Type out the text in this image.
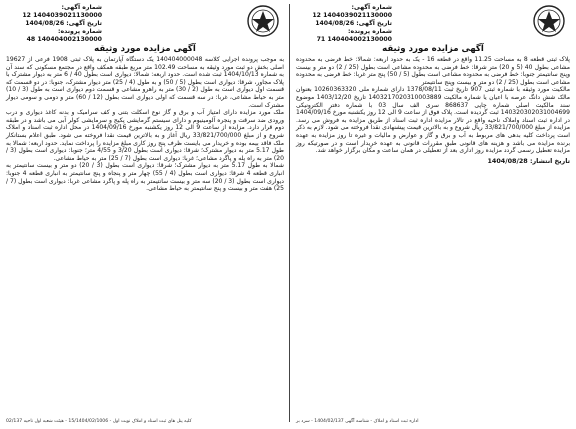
شماره آگهی: 1404039021130000 12
تاریخ آگهی: 1404/08/26
شماره پرونده: 140404002130000 71
آگهی مزایده مورد وثیقه

پلاک ثبتی قطعه 8 به مساحت 11.25 واقع در قطعه 16 - یک به حدود اربعه: شمالا: خط فرضی به محدوده مشاعی بطول 40 (5 و 20) متر شرقا: خط فرضی به محدوده مشاعی است بطول (25 / 2) دو متر و بیست وپنج سانتیمتر جنوبا: خط فرضی به محدوده مشاعی است بطول (5 / 50) پنج متر غربا: خط فرضی به محدوده مشاعی است بطول (25 / 2) دو متر و بیست وپنج سانتیمتر

مالکیت مورد وثیقه با شماره ثبتی 907 تاریخ ثبت 1378/08/11 دارای شماره ملی 10260363320 بعنوان مالک شش دانگ عرصه با اعیان یا شماره مالکیت 1403217020310003889 تاریخ 1403/12/20 موضوع سند مالکیت اصلی شماره چاپی 868637 سری الف سال 03 با شماره دفتر الکترونیکی 140320302031004699 ثبت گردیده است. پلاک فوق از ساعت 9 الی 12 روز یکشنبه مورخ 1404/09/16 در اداره ثبت اسناد واملاک ناحیه واقع در تالار مزایده اداره ثبت اسناد از طریق مزایده به فروش می رسد. مزایده از مبلغ 33/821/700/000 ریال شروع و به بالاترین قیمت پیشنهادی نقدا فروخته می شود. لازم به ذکر است پرداخت کلیه بدهی های مربوط به آب و برق و گاز و عوارض و مالیات و غیره تا روز مزایده به عهده برنده مزایده می باشد و هزینه های قانونی طبق مقررات قانونی به عهده خریدار است و در صورتیکه روز مزایده تعطیل رسمی گردد مزایده روز اداری بعد از تعطیلی در همان ساعت و مکان برگزار خواهد شد.

تاریخ انتشار: 1404/08/28
اداره ثبت اسناد و املاک - شناسه آگهی 1404/02/137 - سرد بر
شماره آگهی: 1404039021130000 12
تاریخ آگهی: 1404/08/26
شماره پرونده: 140404002130000 48
آگهی مزایده مورد وثیقه

به موجب پرونده اجرایی کلاسه 140404000048 یک دستگاه آپارتمان به پلاک ثبتی 1908 فرعی از 19627 اصلی بخش دو ثبت مورد وثیقه به مساحت 102.49 متر مربع طبقه همکف واقع در مجتمع مسکونی که سند آن به شماره 1404/10/13 ثبت شده است. حدود اربعه: شمالا: دیواری است بطول 40 / 6 متر به دیوار مشترک با پلاک مجاور، شرقا: دیواری است بطول (5 / 50) و به طول (4 / 25) متر دیوار مشترک، جنوبا: در دو قسمت که قسمت اول دیواری است به طول (2 / 30) متر به راهرو مشاعی و قسمت دوم دیواری است به طول (3 / 10) متر به حیاط مشاعی، غربا: در سه قسمت که اولی دیواری است بطول (12 / 60) متر و دومی و سومی دیوار مشترک است.

ملک مورد مزایده دارای امتیاز آب و برق و گاز نوع اسکلت بتنی و کف سرامیک و بدنه کاغذ دیواری و درب ورودی ضد سرقت و پنجره آلومینیوم و دارای سیستم گرمایشی پکیج و سرمایشی کولر آبی می باشد و در طبقه دوم قرار دارد. مزایده از ساعت 9 الی 12 روز یکشنبه مورخ 1404/09/16 در محل اداره ثبت اسناد و املاک شروع و از مبلغ 33/821/700/000 ریال آغاز و به بالاترین قیمت نقدا فروخته می شود. طبق اعلام بستانکار ملک فاقد بیمه بوده و خریدار می بایست ظرف پنج روز کاری مبلغ مزایده را پرداخت نماید. حدود اربعه: شمالا به طول 5.17 متر به دیوار مشترک؛ شرقا: دیواری است بطول 3/20 و 4/55 متر؛ جنوبا: دیواری است بطول (3 / 20) متر به راه پله و پاگرد مشاعی؛ غربا: دیواری است بطول (7 / 25) متر به حیاط مشاعی.

شمالا به طول 5.17 متر به دیوار مشترک؛ شرقا: دیواری است بطول (3 / 20) دو متر و بیست سانتیمتر به انباری قطعه 4 شرقا: دیواری است بطول (4 / 55) چهار متر و پنجاه و پنج سانتیمتر به انباری قطعه 4 جنوبا: دیواری است بطول (3 / 20) سه متر و بیست سانتیمتر به راه پله و پاگرد مشاعی غربا: دیواری است بطول (7 / 25) هفت متر و بیست و پنج سانتیمتر به حیاط مشاعی.

کلیه پنل های ثبت اسناد و املاک نوبت اول - 15/1404/02/1006 - هیئت شعبه اول ناحیه 02/137
